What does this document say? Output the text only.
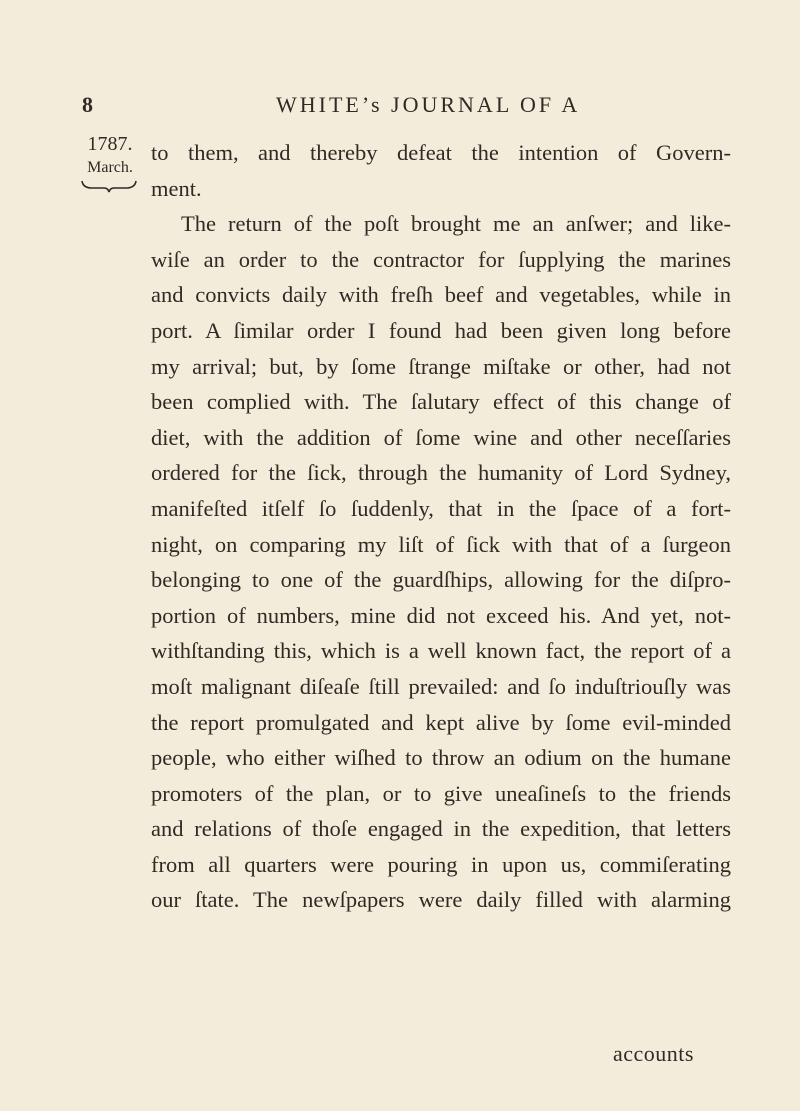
8	WHITE’s JOURNAL OF A
1787.
March.
to them, and thereby defeat the intention of Govern-
ment.
The return of the poſt brought me an anſwer; and like-
wiſe an order to the contractor for ſupplying the marines
and convicts daily with freſh beef and vegetables, while in
port. A ſimilar order I found had been given long before
my arrival; but, by ſome ſtrange miſtake or other, had not
been complied with. The ſalutary effect of this change of
diet, with the addition of ſome wine and other neceſſaries
ordered for the ſick, through the humanity of Lord Sydney,
manifeſted itſelf ſo ſuddenly, that in the ſpace of a fort-
night, on comparing my liſt of ſick with that of a ſurgeon
belonging to one of the guardſhips, allowing for the diſpro-
portion of numbers, mine did not exceed his. And yet, not-
withſtanding this, which is a well known fact, the report of a
moſt malignant diſeaſe ſtill prevailed: and ſo induſtriouſly was
the report promulgated and kept alive by ſome evil-minded
people, who either wiſhed to throw an odium on the humane
promoters of the plan, or to give uneaſineſs to the friends
and relations of thoſe engaged in the expedition, that letters
from all quarters were pouring in upon us, commiſerating
our ſtate. The newſpapers were daily filled with alarming
accounts
